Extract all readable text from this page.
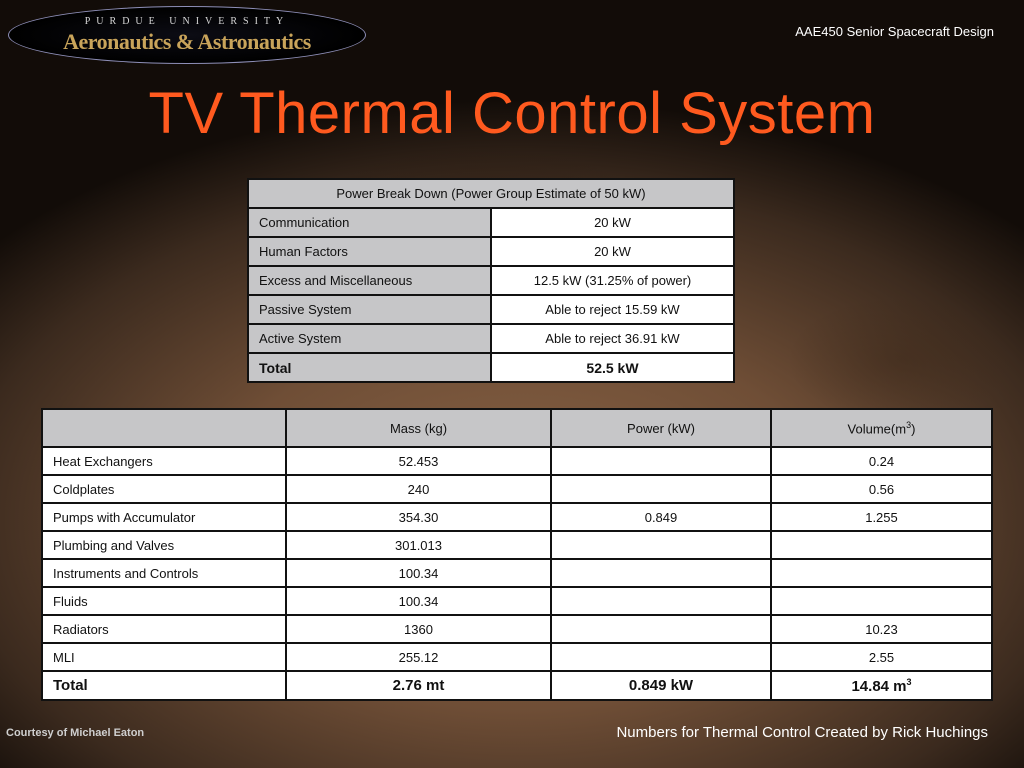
PURDUE UNIVERSITY
Aeronautics & Astronautics	AAE450 Senior Spacecraft Design
TV Thermal Control System
Power Break Down (Power Group Estimate of 50 kW)	
Communication	20 kW
Human Factors	20 kW
Excess and Miscellaneous	12.5 kW (31.25% of power)
Passive System	Able to reject 15.59 kW
Active System	Able to reject 36.91 kW
Total	52.5 kW
	Mass (kg)	Power (kW)	$Volume(m^3)$
Heat Exchangers	52.453		0.24
Coldplates	240		0.56
Pumps with Accumulator	354.30	0.849	1.255
Plumbing and Valves	301.013		
Instruments and Controls	100.34		
Fluids	100.34		
Radiators	1360		10.23
MLI	255.12		2.55
Total	2.76 mt	0.849 kW	14.84 $m^3$
Courtesy of Michael Eaton	Numbers for Thermal Control Created by Rick Huchings
